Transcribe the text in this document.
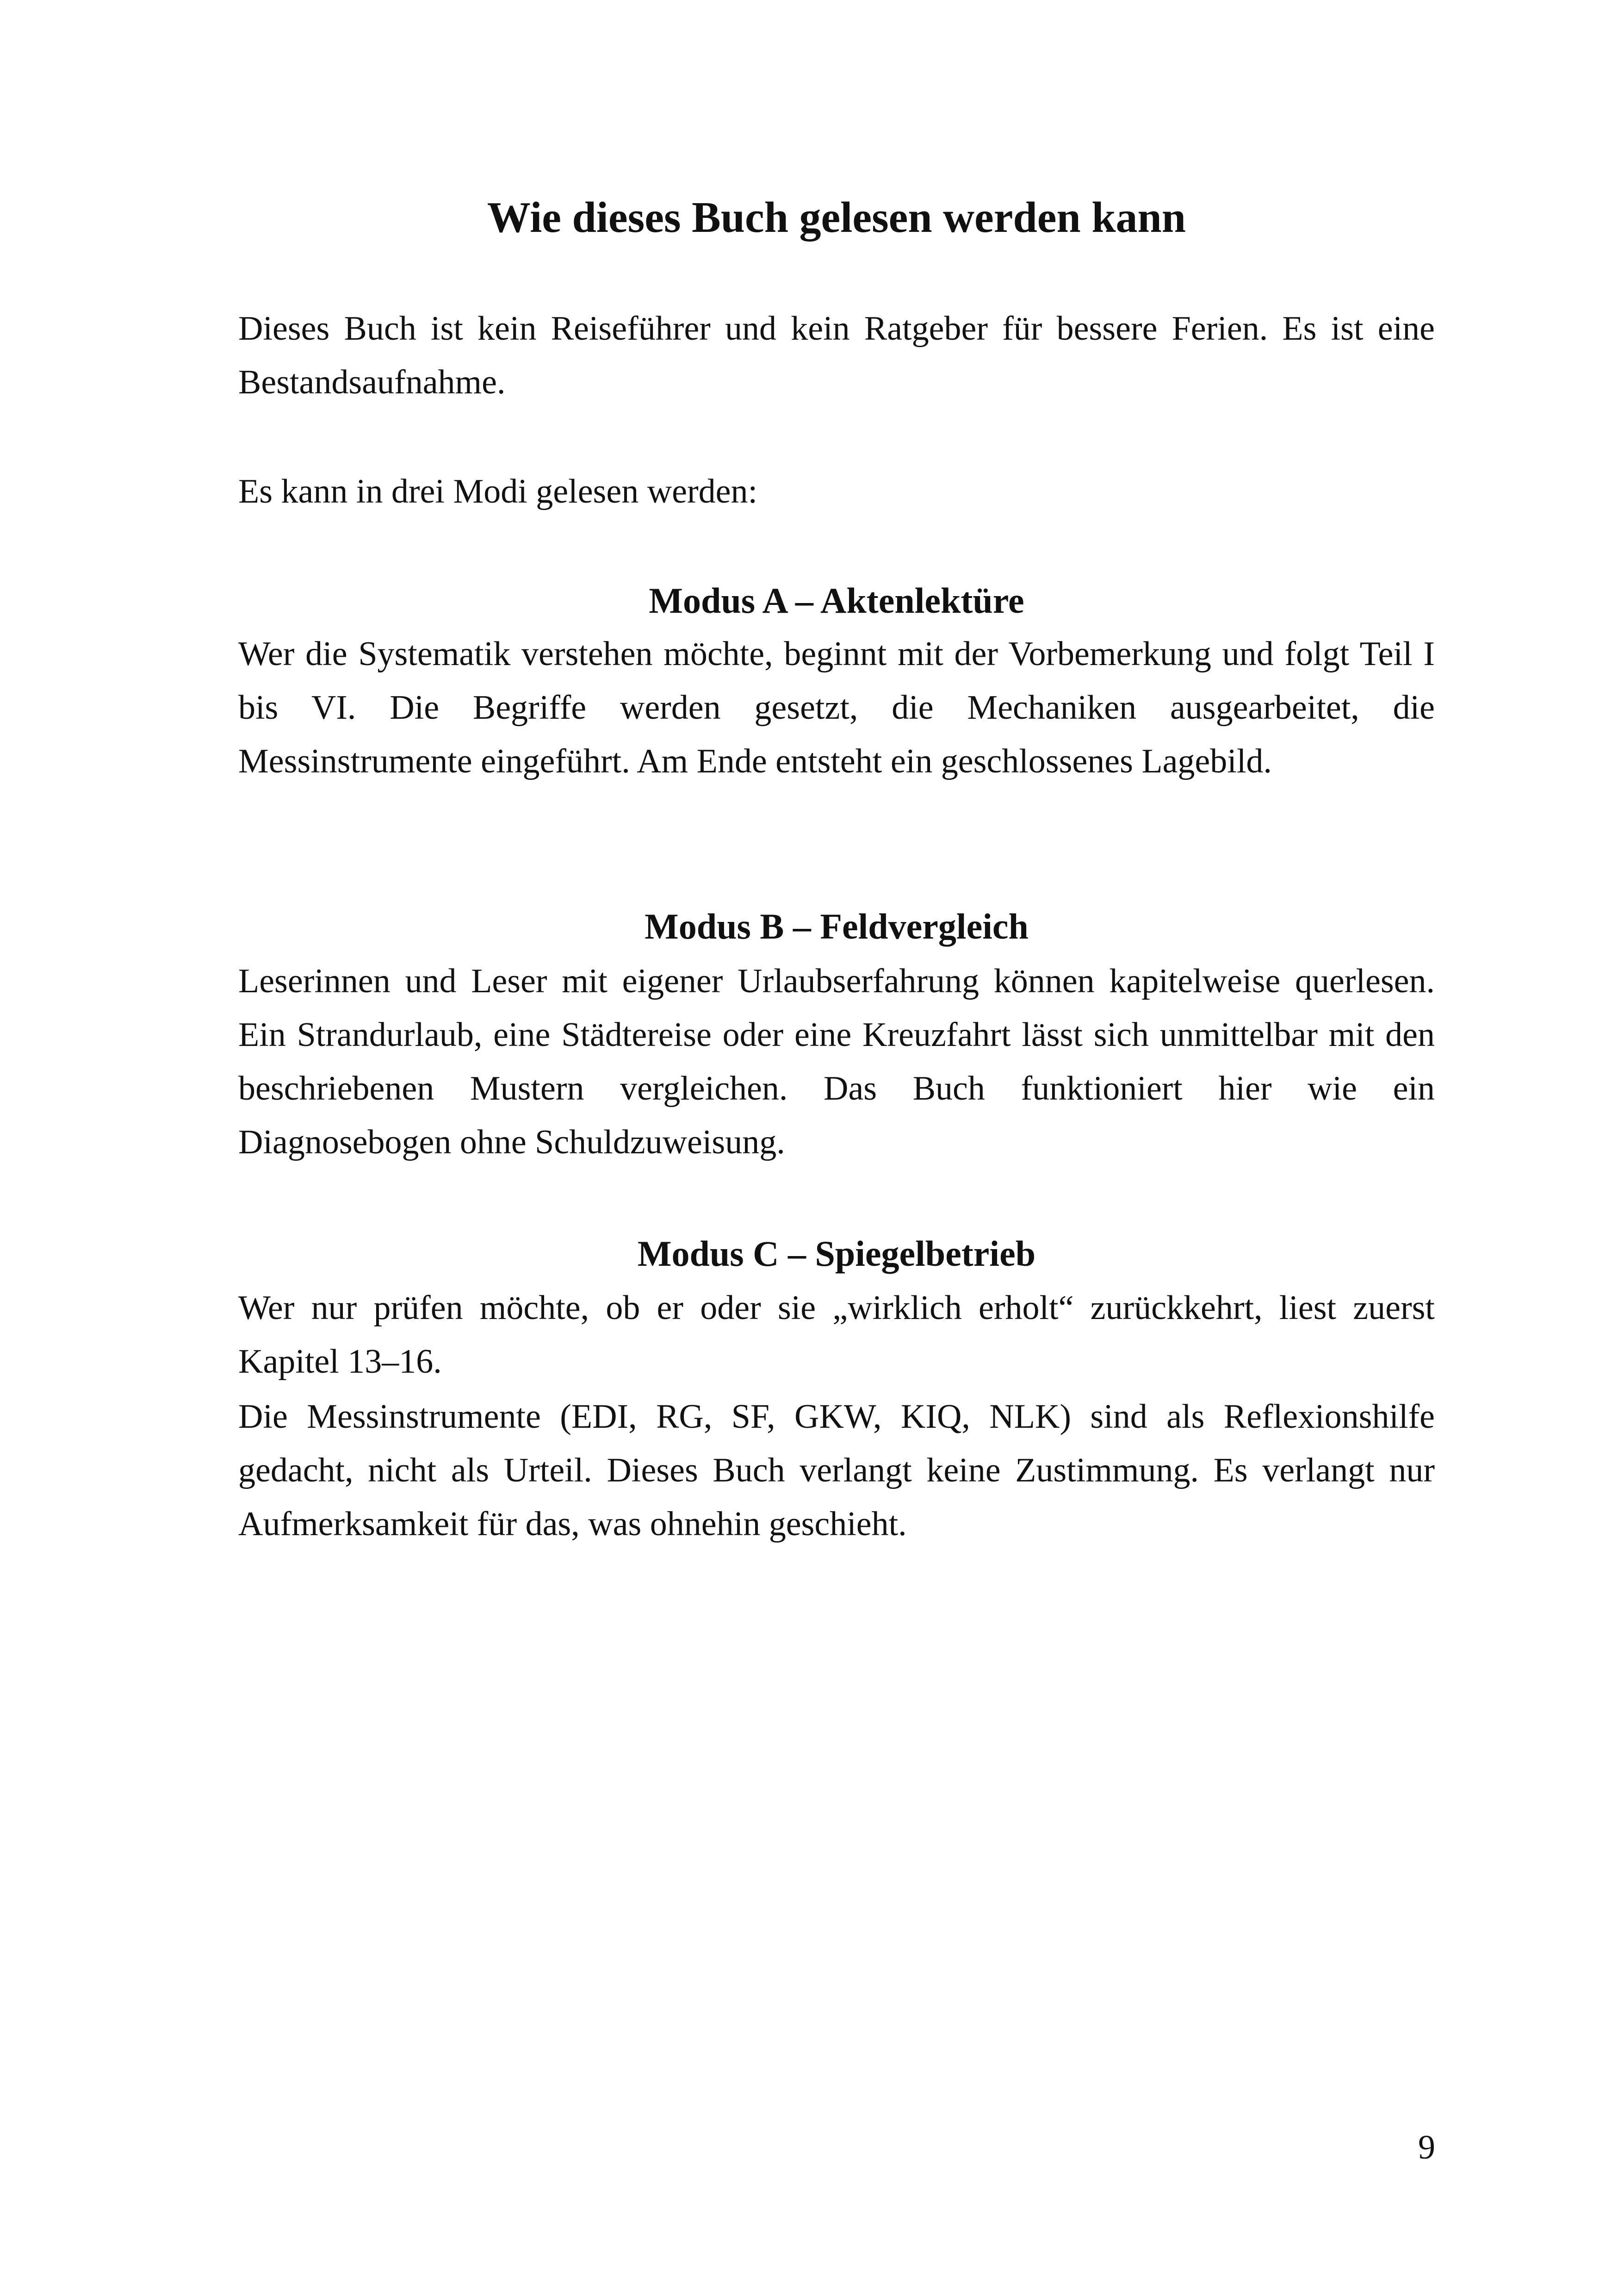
Wie dieses Buch gelesen werden kann

Dieses Buch ist kein Reiseführer und kein Ratgeber für bessere Ferien. Es ist eine Bestandsaufnahme.

Es kann in drei Modi gelesen werden:

Modus A – Aktenlektüre

Wer die Systematik verstehen möchte, beginnt mit der Vorbemerkung und folgt Teil I bis VI. Die Begriffe werden gesetzt, die Mechaniken ausgearbeitet, die Messinstrumente eingeführt. Am Ende entsteht ein geschlossenes Lagebild.

Modus B – Feldvergleich

Leserinnen und Leser mit eigener Urlaubserfahrung können kapitelweise querlesen. Ein Strandurlaub, eine Städtereise oder eine Kreuzfahrt lässt sich unmittelbar mit den beschriebenen Mustern vergleichen. Das Buch funktioniert hier wie ein Diagnosebogen ohne Schuldzuweisung.

Modus C – Spiegelbetrieb

Wer nur prüfen möchte, ob er oder sie „wirklich erholt“ zurückkehrt, liest zuerst Kapitel 13–16.

Die Messinstrumente (EDI, RG, SF, GKW, KIQ, NLK) sind als Reflexionshilfe gedacht, nicht als Urteil. Dieses Buch verlangt keine Zustimmung. Es verlangt nur Aufmerksamkeit für das, was ohnehin geschieht.

9
